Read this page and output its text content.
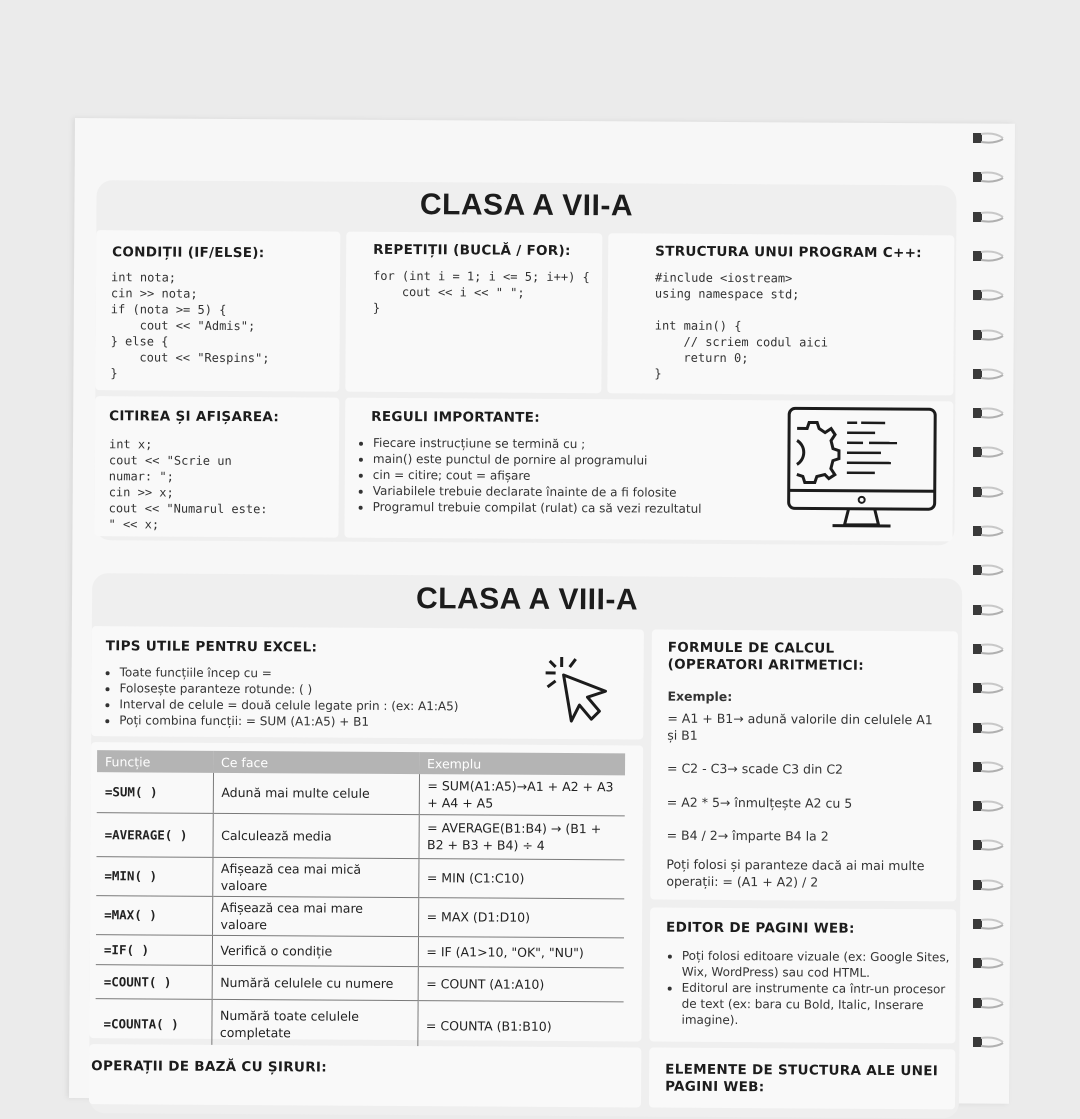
CLASA A VII-A
CONDIȚII (IF/ELSE):
int nota;
cin >> nota;
if (nota >= 5) {
cout << "Admis";
} else {
cout << "Respins";
}
REPETIȚII (BUCLĂ / FOR):
for (int i = 1; i <= 5; i++) {
cout << i << " ";
}
STRUCTURA UNUI PROGRAM C++:
#include <iostream>
using namespace std;

int main() {
// scriem codul aici
return 0;
}
CITIREA ȘI AFIȘAREA:
int x;
cout << "Scrie un
numar: ";
cin >> x;
cout << "Numarul este:
" << x;
REGULI IMPORTANTE:
• Fiecare instrucțiune se termină cu ;
• main() este punctul de pornire al programului
• cin = citire; cout = afișare
• Variabilele trebuie declarate înainte de a fi folosite
• Programul trebuie compilat (rulat) ca să vezi rezultatul
CLASA A VIII-A
TIPS UTILE PENTRU EXCEL:
• Toate funcțiile încep cu =
• Folosește paranteze rotunde: ( )
• Interval de celule = două celule legate prin : (ex: A1:A5)
• Poți combina funcții: = SUM (A1:A5) + B1
Funcție	Ce face	Exemplu
=SUM( )	Adună mai multe celule	= SUM(A1:A5)→A1 + A2 + A3 + A4 + A5
=AVERAGE( )	Calculează media	= AVERAGE(B1:B4) → (B1 + B2 + B3 + B4) ÷ 4
=MIN( )	Afișează cea mai mică valoare	= MIN (C1:C10)
=MAX( )	Afișează cea mai mare valoare	= MAX (D1:D10)
=IF( )	Verifică o condiție	= IF (A1>10, "OK", "NU")
=COUNT( )	Numără celulele cu numere	= COUNT (A1:A10)
=COUNTA( )	Numără toate celulele completate	= COUNTA (B1:B10)
FORMULE DE CALCUL (OPERATORI ARITMETICI:
Exemple:
= A1 + B1→ adună valorile din celulele A1 și B1
= C2 - C3→ scade C3 din C2
= A2 * 5→ înmulțește A2 cu 5
= B4 / 2→ împarte B4 la 2
Poți folosi și paranteze dacă ai mai multe operații: = (A1 + A2) / 2
EDITOR DE PAGINI WEB:
• Poți folosi editoare vizuale (ex: Google Sites, Wix, WordPress) sau cod HTML.
• Editorul are instrumente ca într-un procesor de text (ex: bara cu Bold, Italic, Inserare imagine).
OPERAȚII DE BAZĂ CU ȘIRURI:	ELEMENTE DE STUCTURA ALE UNEI PAGINI WEB:
